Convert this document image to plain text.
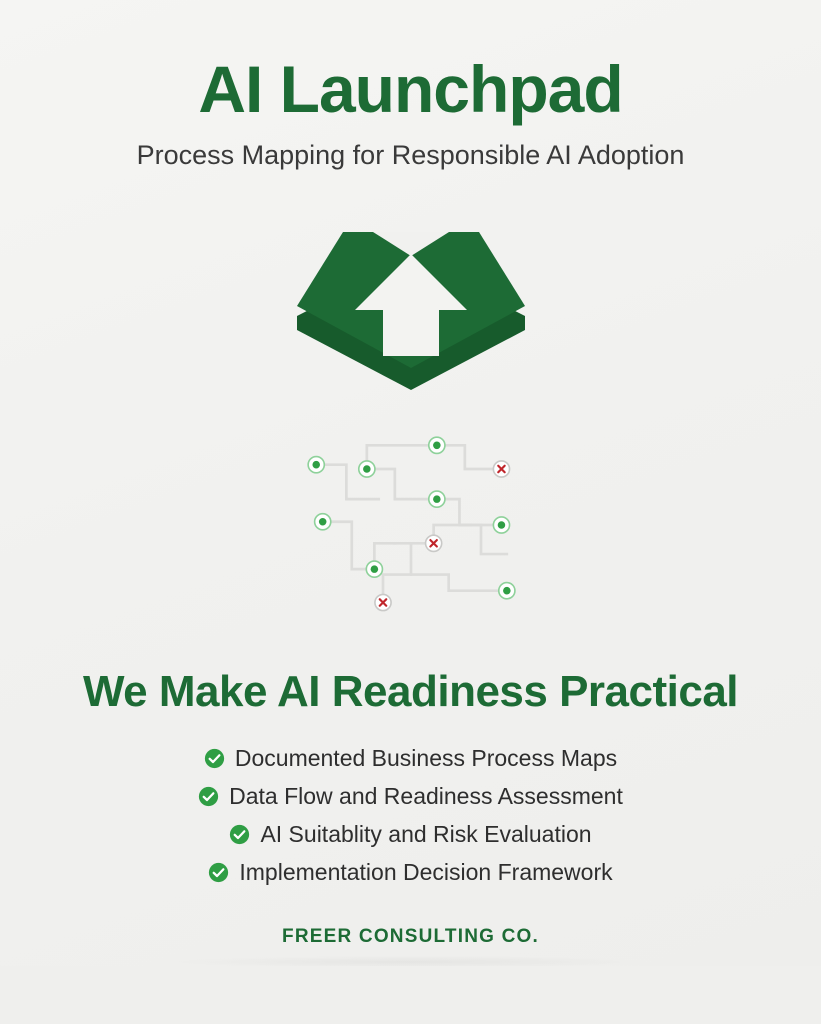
AI Launchpad
Process Mapping for Responsible AI Adoption
We Make AI Readiness Practical
Documented Business Process Maps
Data Flow and Readiness Assessment
AI Suitablity and Risk Evaluation
Implementation Decision Framework
FREER CONSULTING CO.
